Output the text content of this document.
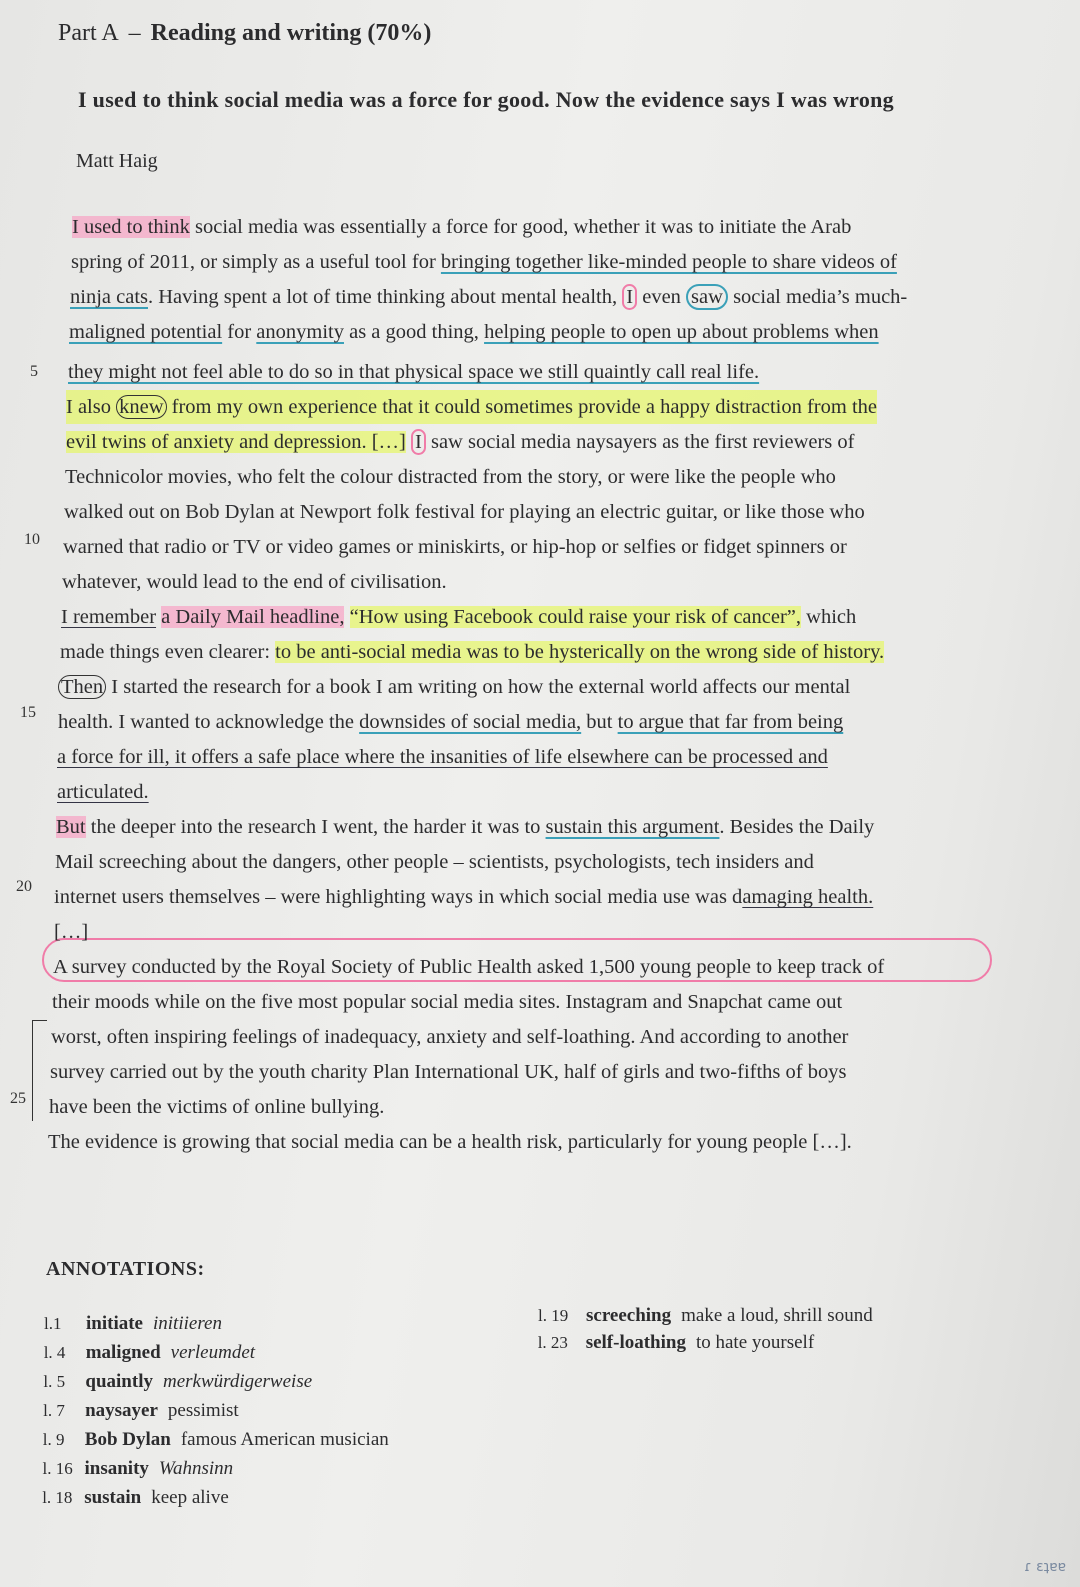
Part A – Reading and writing (70%)
I used to think social media was a force for good. Now the evidence says I was wrong
Matt Haig
5
10
15
20
25
I used to think social media was essentially a force for good, whether it was to initiate the Arab
spring of 2011, or simply as a useful tool for bringing together like-minded people to share videos of
ninja cats. Having spent a lot of time thinking about mental health, I even saw social media’s much-
maligned potential for anonymity as a good thing, helping people to open up about problems when
they might not feel able to do so in that physical space we still quaintly call real life.
I also knew from my own experience that it could sometimes provide a happy distraction from the
evil twins of anxiety and depression. […] I saw social media naysayers as the first reviewers of
Technicolor movies, who felt the colour distracted from the story, or were like the people who
walked out on Bob Dylan at Newport folk festival for playing an electric guitar, or like those who
warned that radio or TV or video games or miniskirts, or hip-hop or selfies or fidget spinners or
whatever, would lead to the end of civilisation.
I remember a Daily Mail headline, “How using Facebook could raise your risk of cancer”, which
made things even clearer: to be anti-social media was to be hysterically on the wrong side of history.
Then I started the research for a book I am writing on how the external world affects our mental
health. I wanted to acknowledge the downsides of social media, but to argue that far from being
a force for ill, it offers a safe place where the insanities of life elsewhere can be processed and
articulated.
But the deeper into the research I went, the harder it was to sustain this argument. Besides the Daily
Mail screeching about the dangers, other people – scientists, psychologists, tech insiders and
internet users themselves – were highlighting ways in which social media use was damaging health.
[…]
A survey conducted by the Royal Society of Public Health asked 1,500 young people to keep track of
their moods while on the five most popular social media sites. Instagram and Snapchat came out
worst, often inspiring feelings of inadequacy, anxiety and self-loathing. And according to another
survey carried out by the youth charity Plan International UK, half of girls and two-fifths of boys
have been the victims of online bullying.
The evidence is growing that social media can be a health risk, particularly for young people […].
ANNOTATIONS:
l.1 initiate initiieren
l. 4 maligned verleumdet
l. 5 quaintly merkwürdigerweise
l. 7 naysayer pessimist
l. 9 Bob Dylan famous American musician
l. 16 insanity Wahnsinn
l. 18 sustain keep alive
l. 19 screeching make a loud, shrill sound
l. 23 self-loathing to hate yourself
ɾ ɛʇɐɐ
